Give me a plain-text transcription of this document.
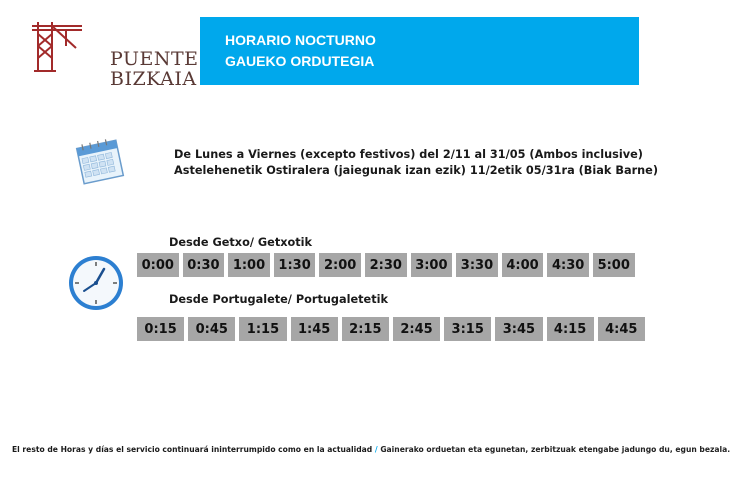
PUENTE
BIZKAIA
HORARIO NOCTURNO
GAUEKO ORDUTEGIA
De Lunes a Viernes (excepto festivos) del 2/11 al 31/05 (Ambos inclusive)
Astelehenetik Ostiralera (jaiegunak izan ezik) 11/2etik 05/31ra (Biak Barne)
Desde Getxo/ Getxotik
0:00	0:30	1:00	1:30	2:00	2:30	3:00	3:30	4:00	4:30	5:00
Desde Portugalete/ Portugaletetik
0:15	0:45	1:15	1:45	2:15	2:45	3:15	3:45	4:15	4:45
El resto de Horas y días el servicio continuará ininterrumpido como en la actualidad / Gainerako orduetan eta egunetan, zerbitzuak etengabe jadungo du, egun bezala.
